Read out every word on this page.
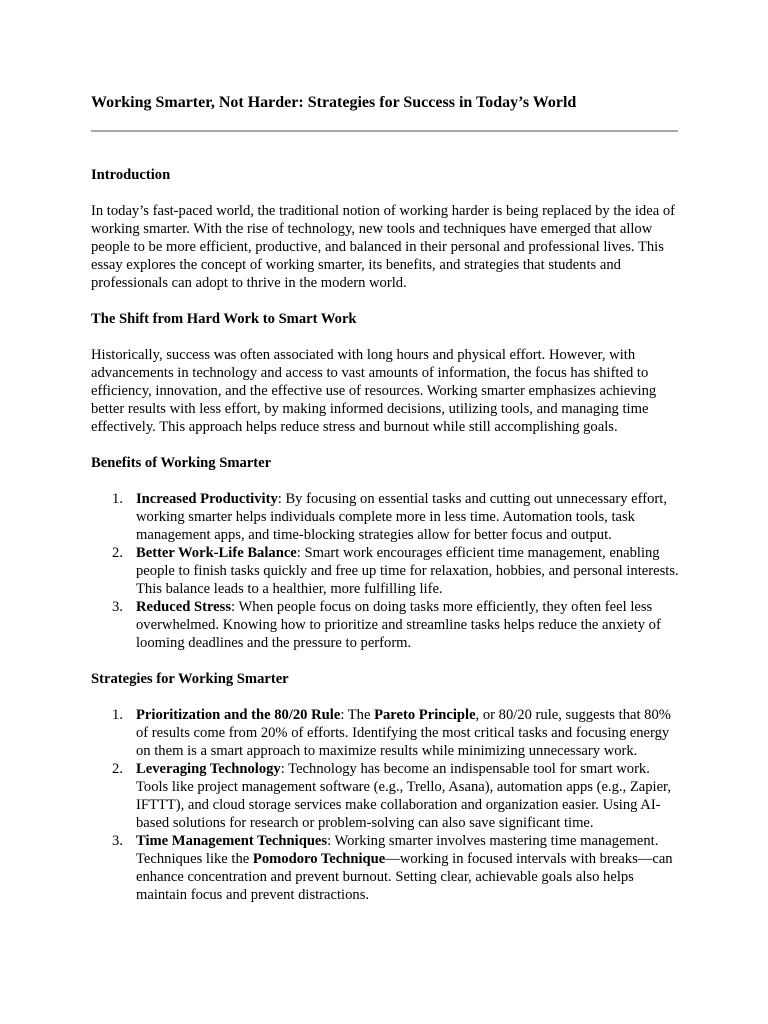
Working Smarter, Not Harder: Strategies for Success in Today’s World
Introduction

In today’s fast-paced world, the traditional notion of working harder is being replaced by the idea of working smarter. With the rise of technology, new tools and techniques have emerged that allow people to be more efficient, productive, and balanced in their personal and professional lives. This essay explores the concept of working smarter, its benefits, and strategies that students and professionals can adopt to thrive in the modern world.

The Shift from Hard Work to Smart Work

Historically, success was often associated with long hours and physical effort. However, with advancements in technology and access to vast amounts of information, the focus has shifted to efficiency, innovation, and the effective use of resources. Working smarter emphasizes achieving better results with less effort, by making informed decisions, utilizing tools, and managing time effectively. This approach helps reduce stress and burnout while still accomplishing goals.

Benefits of Working Smarter
1. Increased Productivity: By focusing on essential tasks and cutting out unnecessary effort, working smarter helps individuals complete more in less time. Automation tools, task management apps, and time-blocking strategies allow for better focus and output.
2. Better Work-Life Balance: Smart work encourages efficient time management, enabling people to finish tasks quickly and free up time for relaxation, hobbies, and personal interests. This balance leads to a healthier, more fulfilling life.
3. Reduced Stress: When people focus on doing tasks more efficiently, they often feel less overwhelmed. Knowing how to prioritize and streamline tasks helps reduce the anxiety of looming deadlines and the pressure to perform.
Strategies for Working Smarter
1. Prioritization and the 80/20 Rule: The Pareto Principle, or 80/20 rule, suggests that 80% of results come from 20% of efforts. Identifying the most critical tasks and focusing energy on them is a smart approach to maximize results while minimizing unnecessary work.
2. Leveraging Technology: Technology has become an indispensable tool for smart work. Tools like project management software (e.g., Trello, Asana), automation apps (e.g., Zapier, IFTTT), and cloud storage services make collaboration and organization easier. Using AI-based solutions for research or problem-solving can also save significant time.
3. Time Management Techniques: Working smarter involves mastering time management. Techniques like the Pomodoro Technique—working in focused intervals with breaks—can enhance concentration and prevent burnout. Setting clear, achievable goals also helps maintain focus and prevent distractions.
